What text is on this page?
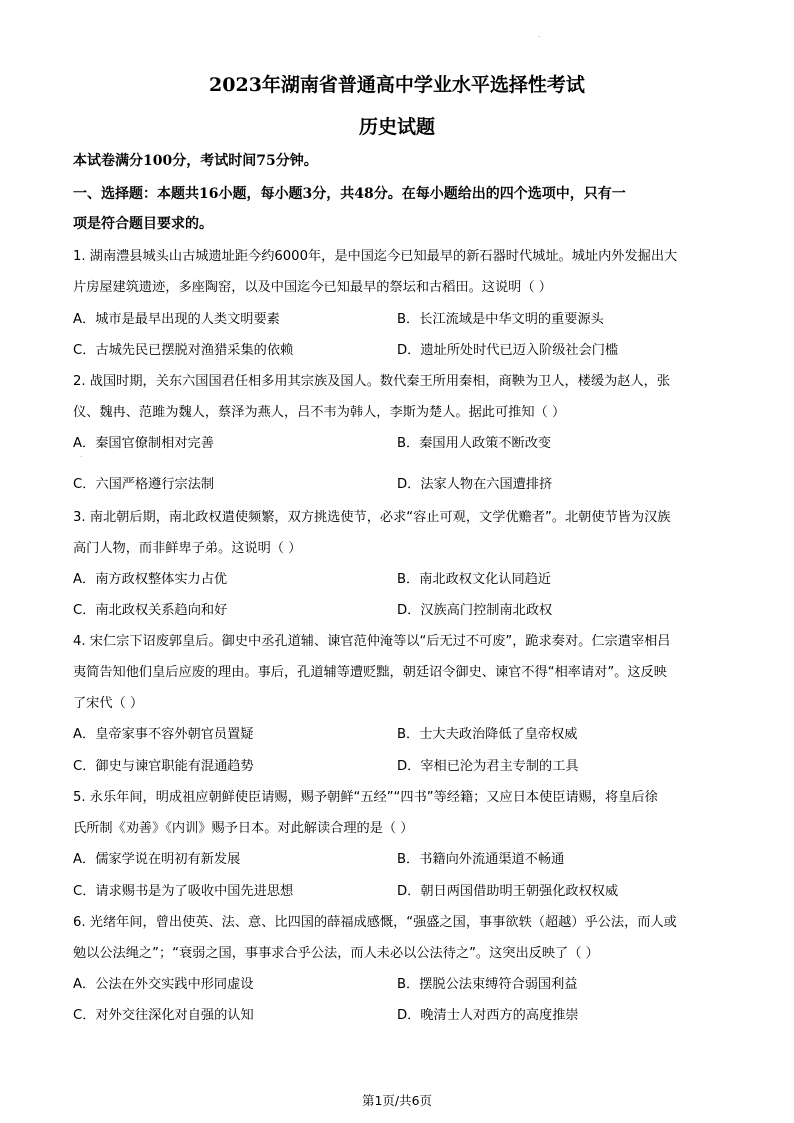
.
2023年湖南省普通高中学业水平选择性考试
历史试题
本试卷满分100分，考试时间75分钟。
一、选择题：本题共16小题，每小题3分，共48分。在每小题给出的四个选项中，只有一
项是符合题目要求的。
1. 湖南澧县城头山古城遗址距今约6000年，是中国迄今已知最早的新石器时代城址。城址内外发掘出大
片房屋建筑遗迹，多座陶窑，以及中国迄今已知最早的祭坛和古稻田。这说明（ ）
A．城市是最早出现的人类文明要素	B．长江流域是中华文明的重要源头
C．古城先民已摆脱对渔猎采集的依赖	D．遗址所处时代已迈入阶级社会门槛
2. 战国时期，关东六国国君任相多用其宗族及国人。数代秦王所用秦相，商鞅为卫人，楼缓为赵人，张
仪、魏冉、范雎为魏人，蔡泽为燕人，吕不韦为韩人，李斯为楚人。据此可推知（ ）
A．秦国官僚制相对完善	B．秦国用人政策不断改变
.
C．六国严格遵行宗法制	D．法家人物在六国遭排挤
3. 南北朝后期，南北政权遣使频繁，双方挑选使节，必求“容止可观，文学优赡者”。北朝使节皆为汉族
高门人物，而非鲜卑子弟。这说明（ ）
A．南方政权整体实力占优	B．南北政权文化认同趋近
C．南北政权关系趋向和好	D．汉族高门控制南北政权
4. 宋仁宗下诏废郭皇后。御史中丞孔道辅、谏官范仲淹等以“后无过不可废”，跪求奏对。仁宗遣宰相吕
夷简告知他们皇后应废的理由。事后，孔道辅等遭贬黜，朝廷诏令御史、谏官不得“相率请对”。这反映
了宋代（ ）
A．皇帝家事不容外朝官员置疑	B．士大夫政治降低了皇帝权威
C．御史与谏官职能有混通趋势	D．宰相已沦为君主专制的工具
5. 永乐年间，明成祖应朝鲜使臣请赐，赐予朝鲜“五经”“四书”等经籍；又应日本使臣请赐，将皇后徐
氏所制《劝善》《内训》赐予日本。对此解读合理的是（ ）
A．儒家学说在明初有新发展	B．书籍向外流通渠道不畅通
C．请求赐书是为了吸收中国先进思想	D．朝日两国借助明王朝强化政权权威
6. 光绪年间，曾出使英、法、意、比四国的薛福成感慨，“强盛之国，事事欲轶（超越）乎公法，而人或
勉以公法绳之”；“衰弱之国，事事求合乎公法，而人未必以公法待之”。这突出反映了（ ）
A．公法在外交实践中形同虚设	B．摆脱公法束缚符合弱国利益
C．对外交往深化对自强的认知	D．晚清士人对西方的高度推崇
第1页/共6页
